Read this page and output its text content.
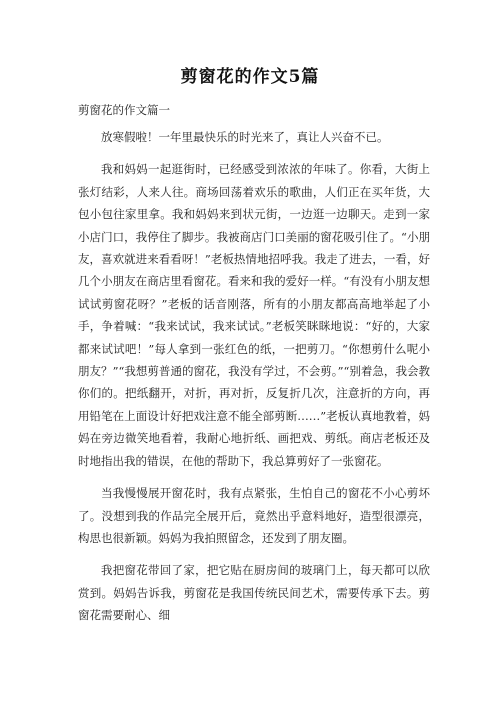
剪窗花的作文5篇
剪窗花的作文篇一

放寒假啦！一年里最快乐的时光来了，真让人兴奋不已。

我和妈妈一起逛街时，已经感受到浓浓的年味了。你看，大街上张灯结彩，人来人往。商场回荡着欢乐的歌曲，人们正在买年货，大包小包往家里拿。我和妈妈来到状元街，一边逛一边聊天。走到一家小店门口，我停住了脚步。我被商店门口美丽的窗花吸引住了。“小朋友，喜欢就进来看看呀！”老板热情地招呼我。我走了进去，一看，好几个小朋友在商店里看窗花。看来和我的爱好一样。“有没有小朋友想试试剪窗花呀？”老板的话音刚落，所有的小朋友都高高地举起了小手，争着喊：“我来试试，我来试试。”老板笑眯眯地说：“好的，大家都来试试吧！”每人拿到一张红色的纸，一把剪刀。“你想剪什么呢小朋友？”“我想剪普通的窗花，我没有学过，不会剪。”“别着急，我会教你们的。把纸翻开，对折，再对折，反复折几次，注意折的方向，再用铅笔在上面设计好把戏注意不能全部剪断……”老板认真地教着，妈妈在旁边微笑地看着，我耐心地折纸、画把戏、剪纸。商店老板还及时地指出我的错误，在他的帮助下，我总算剪好了一张窗花。

当我慢慢展开窗花时，我有点紧张，生怕自己的窗花不小心剪坏了。没想到我的作品完全展开后，竟然出乎意料地好，造型很漂亮，构思也很新颖。妈妈为我拍照留念，还发到了朋友圈。

我把窗花带回了家，把它贴在厨房间的玻璃门上，每天都可以欣赏到。妈妈告诉我，剪窗花是我国传统民间艺术，需要传承下去。剪窗花需要耐心、细
